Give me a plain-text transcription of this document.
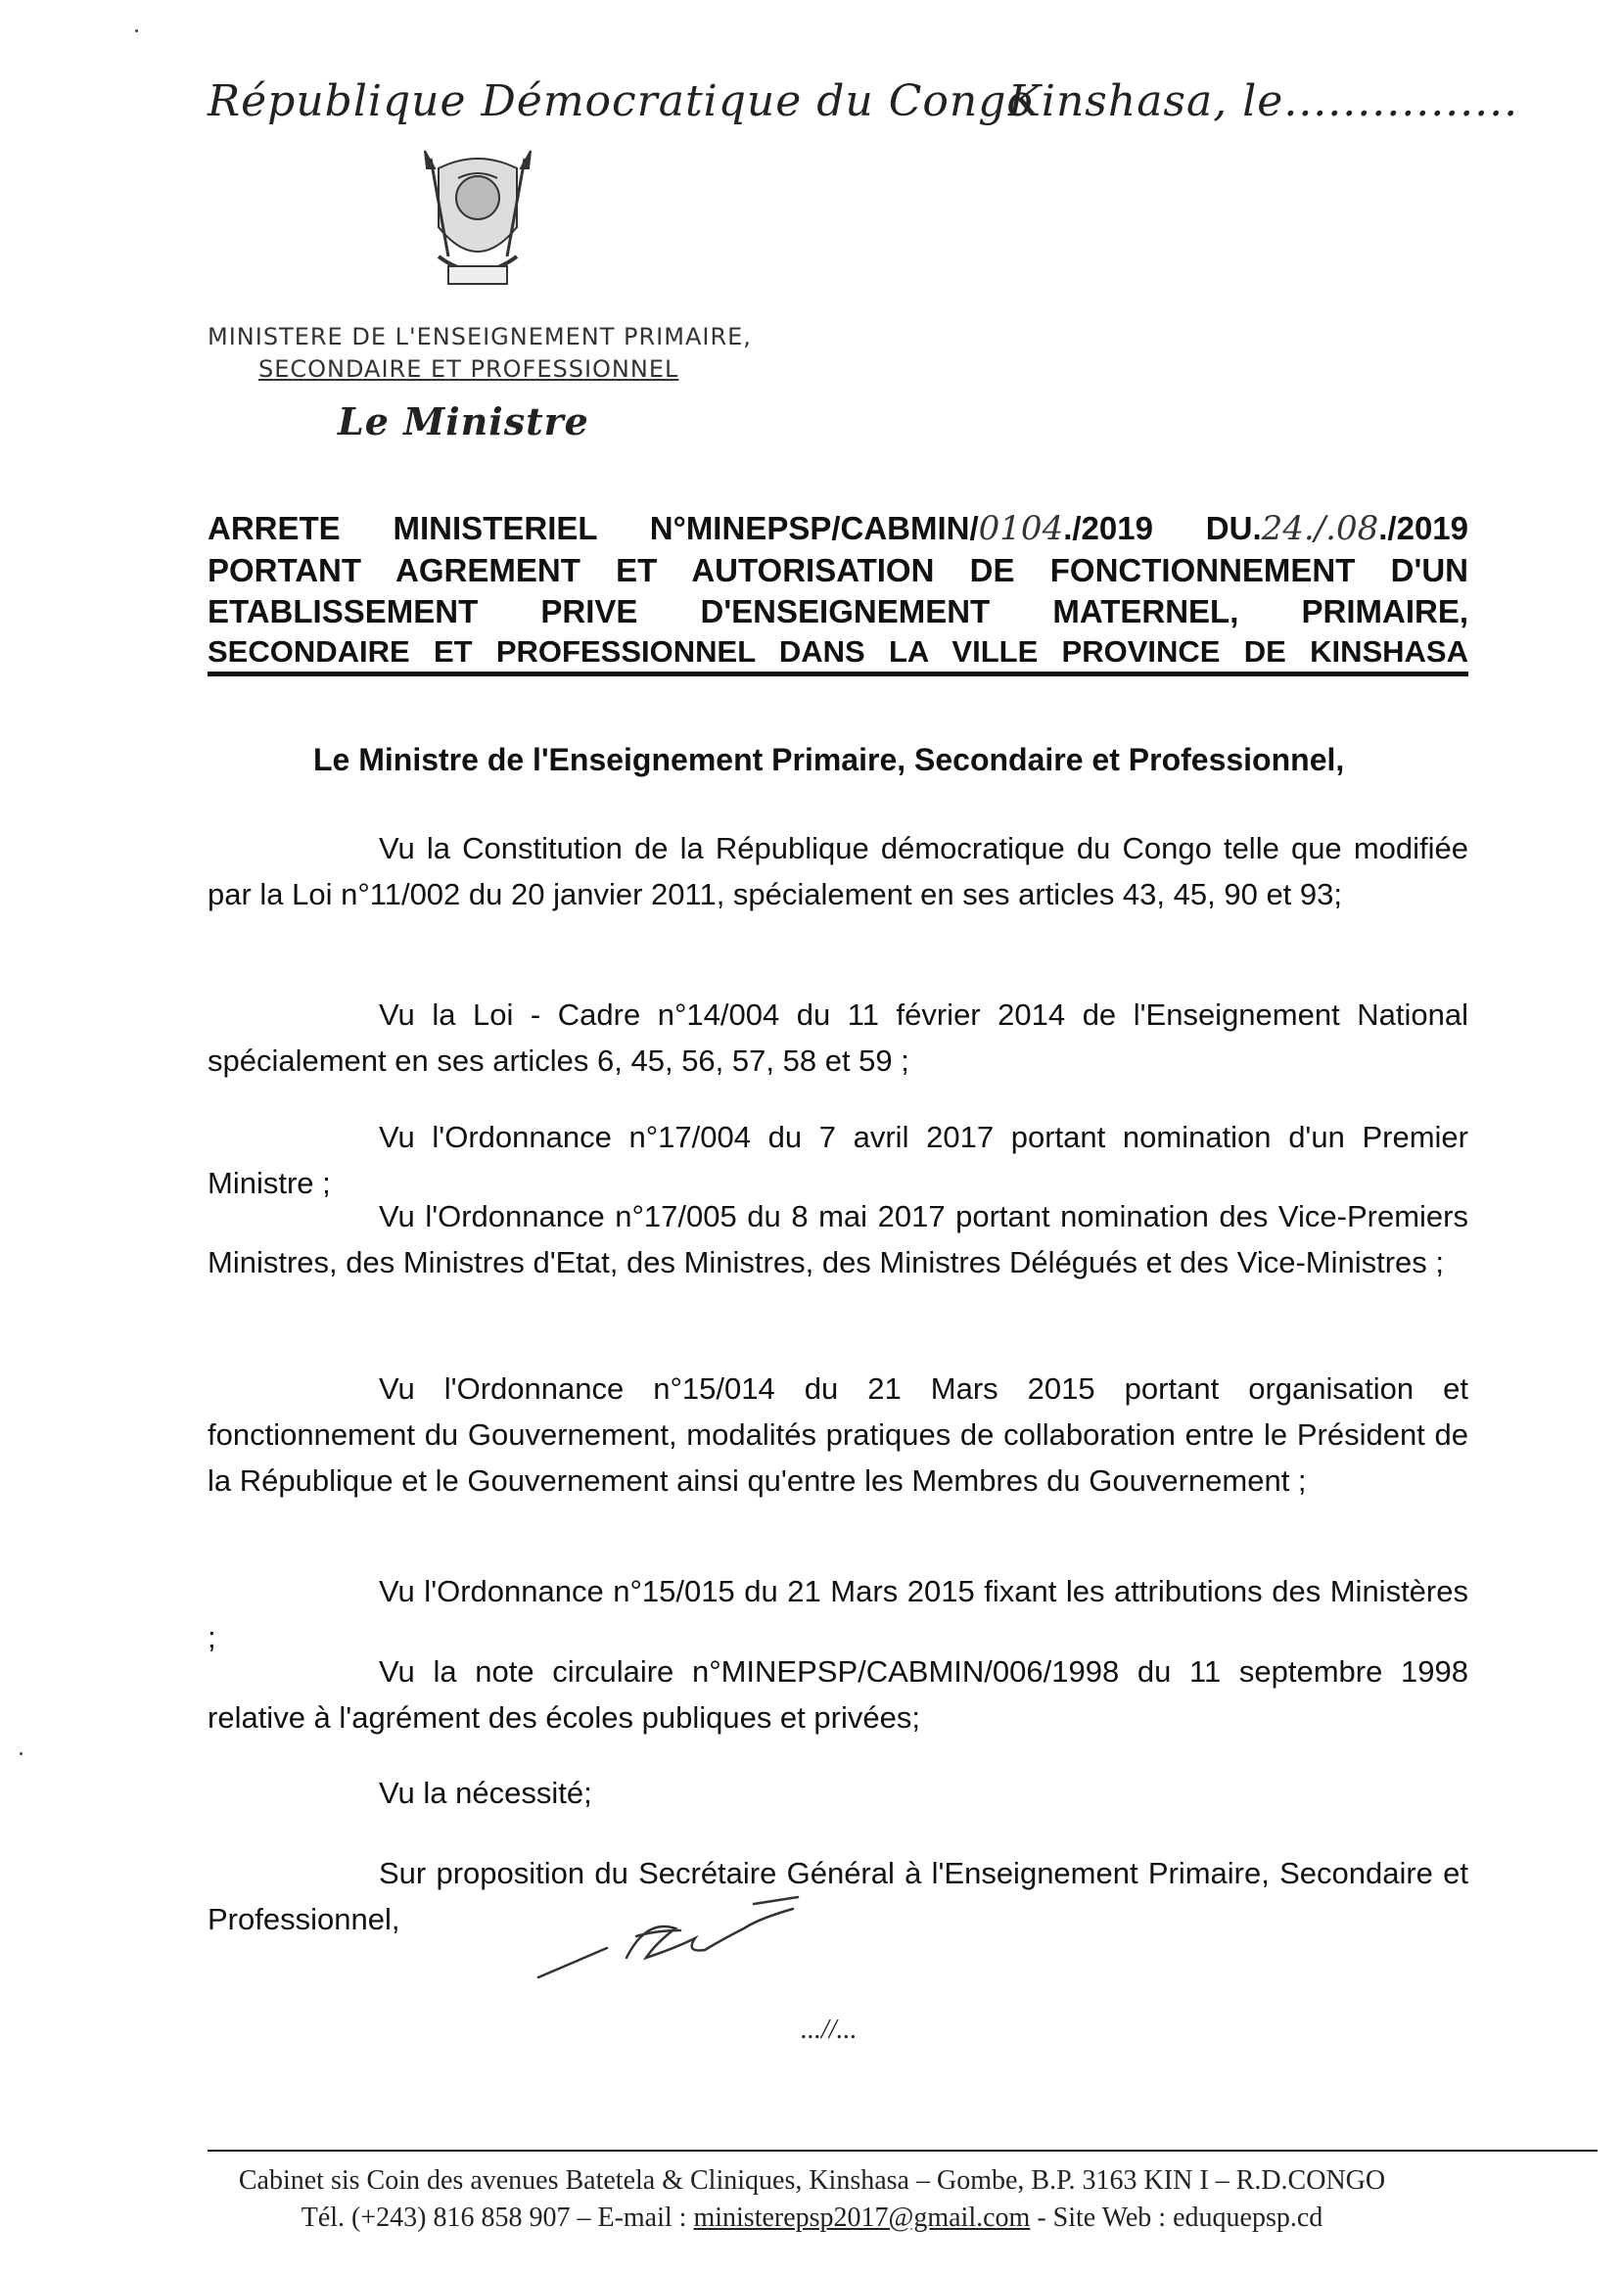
République Démocratique du Congo
Kinshasa, le................
MINISTERE DE L'ENSEIGNEMENT PRIMAIRE,
SECONDAIRE ET PROFESSIONNEL
Le Ministre
ARRETE MINISTERIEL N°MINEPSP/CABMIN/0104./2019 DU.24./.08./2019
PORTANT AGREMENT ET AUTORISATION DE FONCTIONNEMENT D'UN
ETABLISSEMENT PRIVE D'ENSEIGNEMENT MATERNEL, PRIMAIRE,
SECONDAIRE ET PROFESSIONNEL DANS LA VILLE PROVINCE DE KINSHASA
Le Ministre de l'Enseignement Primaire, Secondaire et Professionnel,

Vu la Constitution de la République démocratique du Congo telle que modifiée par la Loi n°11/002 du 20 janvier 2011, spécialement en ses articles 43, 45, 90 et 93;

Vu la Loi - Cadre n°14/004 du 11 février 2014 de l'Enseignement National spécialement en ses articles 6, 45, 56, 57, 58 et 59 ;

Vu l'Ordonnance n°17/004 du 7 avril 2017 portant nomination d'un Premier Ministre ;

Vu l'Ordonnance n°17/005 du 8 mai 2017 portant nomination des Vice-Premiers Ministres, des Ministres d'Etat, des Ministres, des Ministres Délégués et des Vice-Ministres ;

Vu l'Ordonnance n°15/014 du 21 Mars 2015 portant organisation et fonctionnement du Gouvernement, modalités pratiques de collaboration entre le Président de la République et le Gouvernement ainsi qu'entre les Membres du Gouvernement ;

Vu l'Ordonnance n°15/015 du 21 Mars 2015 fixant les attributions des Ministères ;

Vu la note circulaire n°MINEPSP/CABMIN/006/1998 du 11 septembre 1998 relative à l'agrément des écoles publiques et privées;

Vu la nécessité;

Sur proposition du Secrétaire Général à l'Enseignement Primaire, Secondaire et Professionnel,

...//...
Cabinet sis Coin des avenues Batetela & Cliniques, Kinshasa – Gombe, B.P. 3163 KIN I – R.D.CONGO
Tél. (+243) 816 858 907 – E-mail : ministerepsp2017@gmail.com - Site Web : eduquepsp.cd
